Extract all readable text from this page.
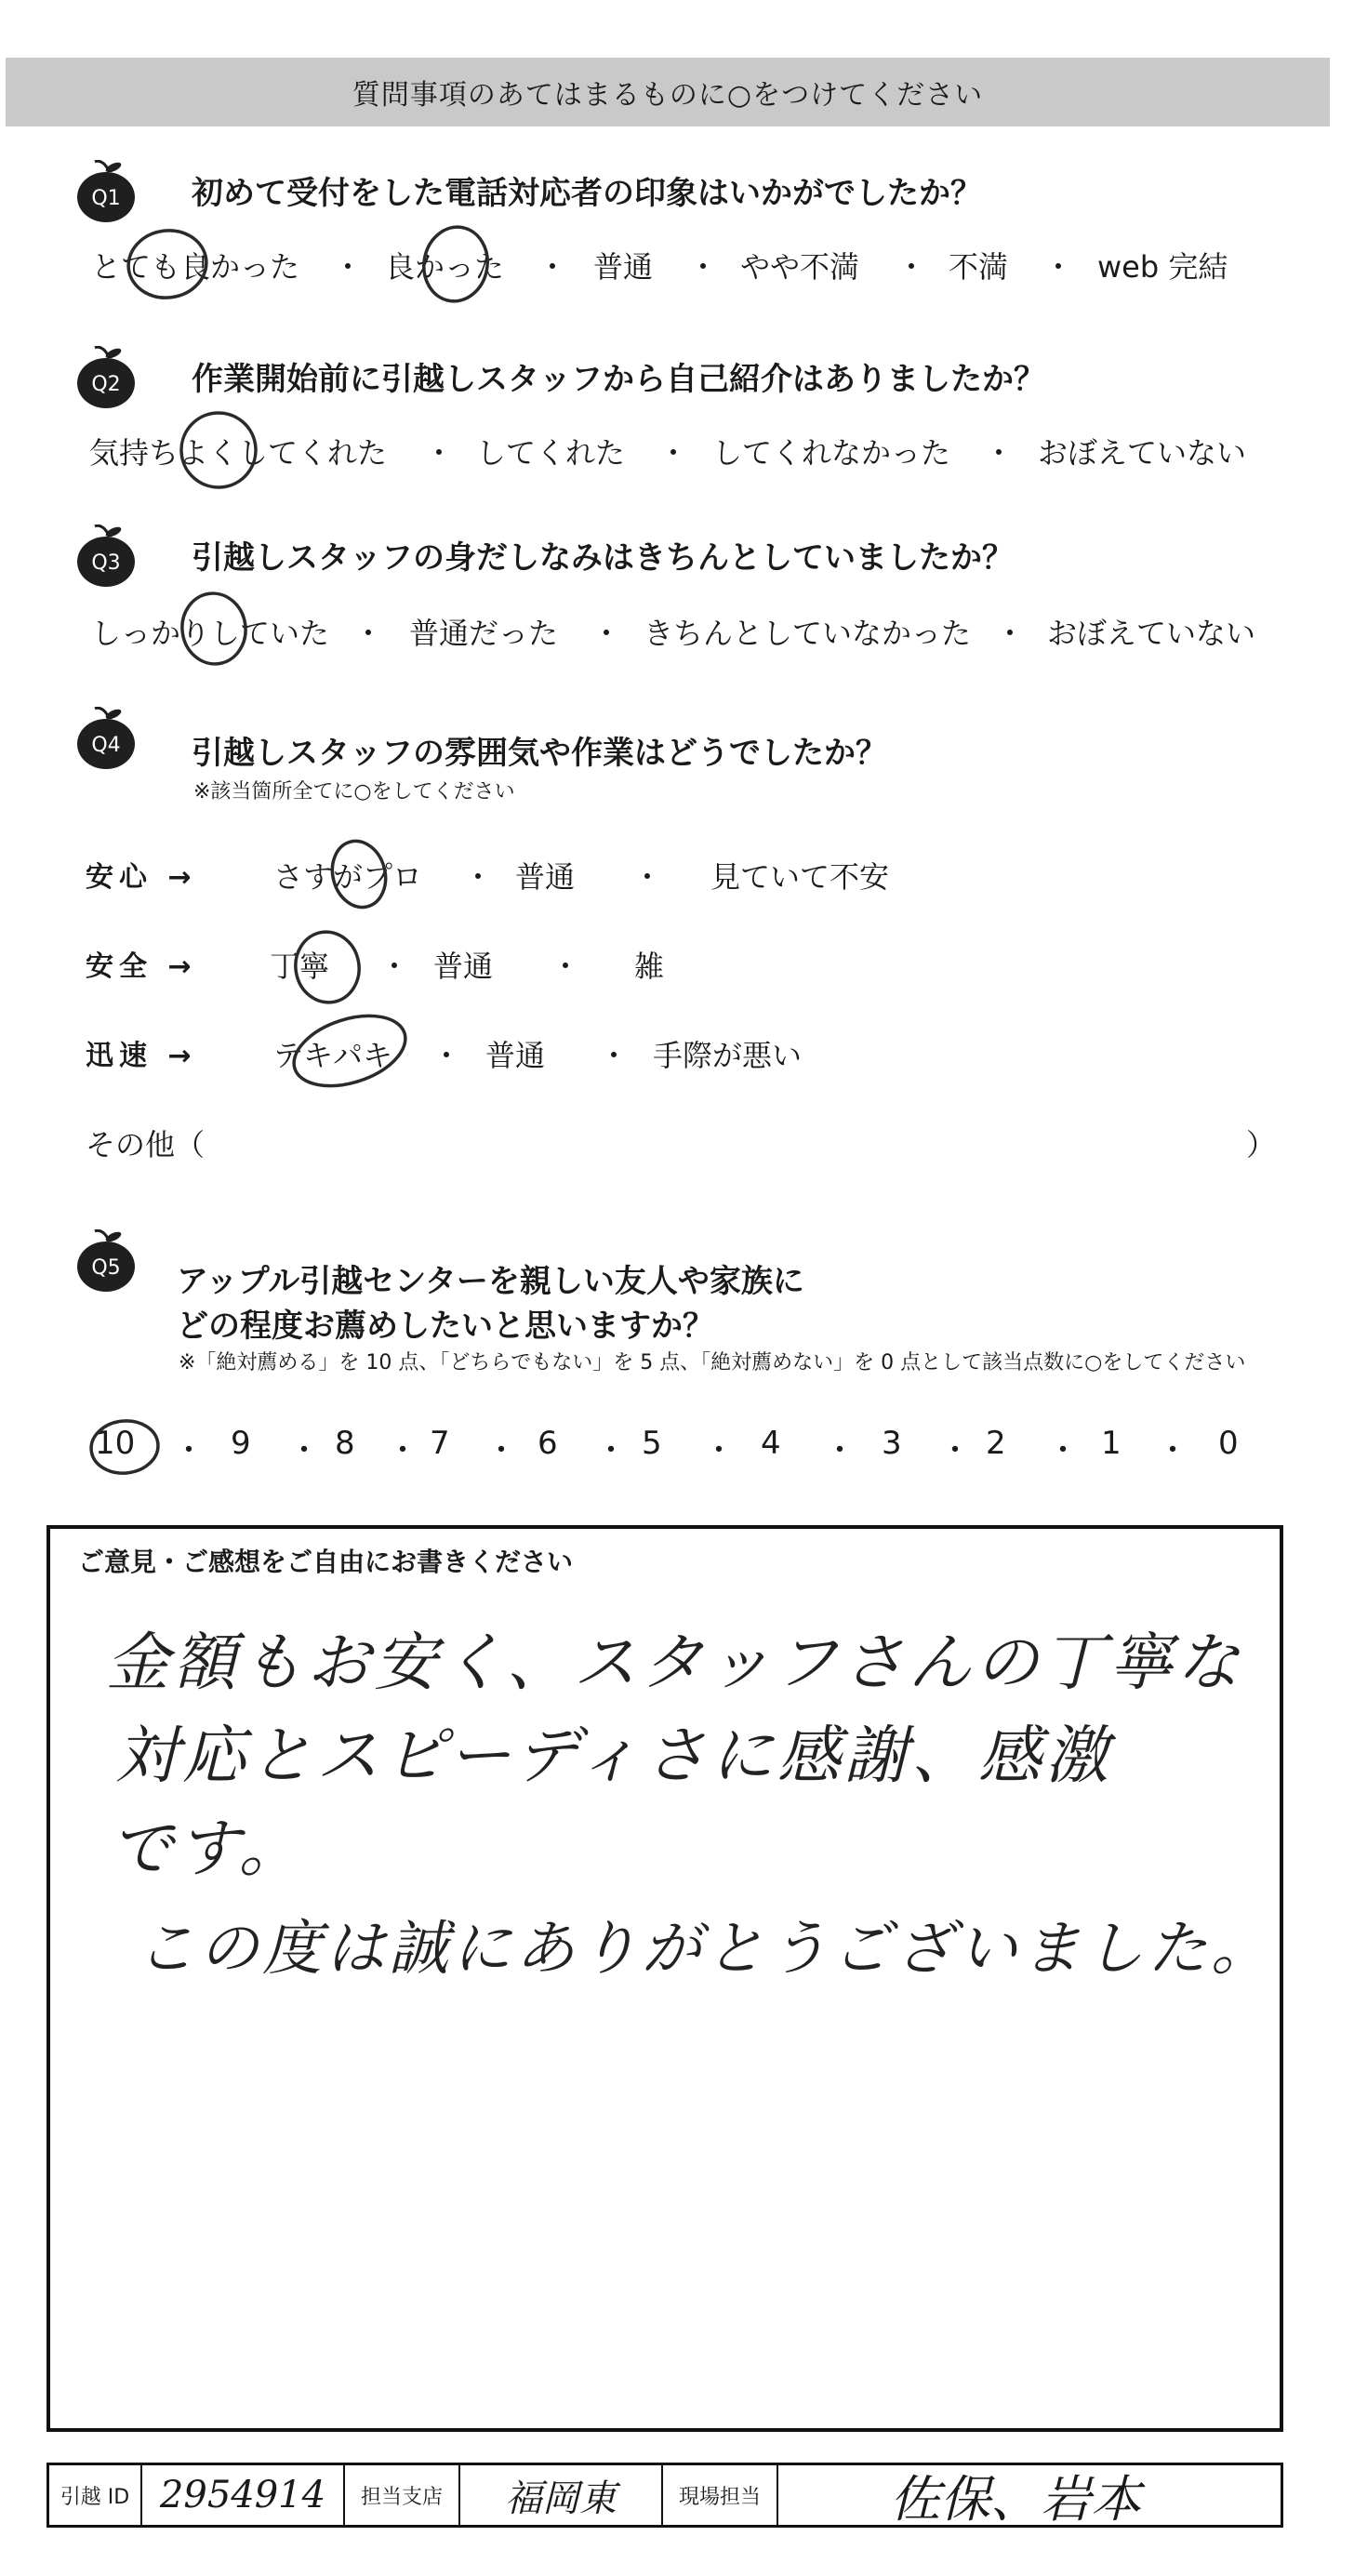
質問事項のあてはまるものに○をつけてください
Q1 初めて受付をした電話対応者の印象はいかがでしたか？
とても良かった ・ 良かった ・ 普通 ・ やや不満 ・ 不満 ・ web 完結
Q2 作業開始前に引越しスタッフから自己紹介はありましたか？
気持ちよくしてくれた ・ してくれた ・ してくれなかった ・ おぼえていない
Q3 引越しスタッフの身だしなみはきちんとしていましたか？
しっかりしていた ・ 普通だった ・ きちんとしていなかった ・ おぼえていない
Q4 引越しスタッフの雰囲気や作業はどうでしたか？
※該当箇所全てに○をしてください
安心 →	さすがプロ ・ 普通 ・ 見ていて不安
安全 → 丁寧 ・ 普通 ・ 雑
迅速 →	テキパキ ・ 普通 ・ 手際が悪い
その他（	）
Q5 アップル引越センターを親しい友人や家族に
どの程度お薦めしたいと思いますか？
※「絶対薦める」を 10 点、「どちらでもない」を 5 点、「絶対薦めない」を 0 点として該当点数に○をしてください
10 ・ 9 ・ 8 ・ 7 ・ 6 ・ 5 ・ 4 ・ 3 ・ 2 ・ 1 ・ 0
ご意見・ご感想をご自由にお書きください
金額もお安く、スタッフさんの丁寧な
対応とスピーディさに感謝、感激
です。
この度は誠にありがとうございました。
引越 ID 2954914 担当支店 福岡東	現場担当	佐保、岩本
